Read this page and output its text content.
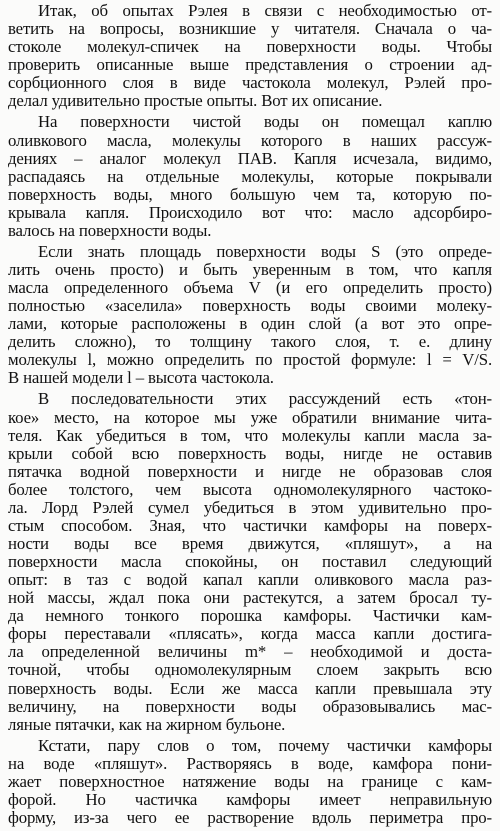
Итак, об опытах Рэлея в связи с необходимостью от-
ветить на вопросы, возникшие у читателя. Сначала о ча-
стоколе молекул-спичек на поверхности воды. Чтобы
проверить описанные выше представления о строении ад-
сорбционного слоя в виде частокола молекул, Рэлей про-
делал удивительно простые опыты. Вот их описание.
На поверхности чистой воды он помещал каплю
оливкового масла, молекулы которого в наших рассуж-
дениях – аналог молекул ПАВ. Капля исчезала, видимо,
распадаясь на отдельные молекулы, которые покрывали
поверхность воды, много большую чем та, которую по-
крывала капля. Происходило вот что: масло адсорбиро-
валось на поверхности воды.
Если знать площадь поверхности воды S (это опреде-
лить очень просто) и быть уверенным в том, что капля
масла определенного объема V (и его определить просто)
полностью «заселила» поверхность воды своими молеку-
лами, которые расположены в один слой (а вот это опре-
делить сложно), то толщину такого слоя, т. е. длину
молекулы l, можно определить по простой формуле: l = V/S.
В нашей модели l – высота частокола.
В последовательности этих рассуждений есть «тон-
кое» место, на которое мы уже обратили внимание чита-
теля. Как убедиться в том, что молекулы капли масла за-
крыли собой всю поверхность воды, нигде не оставив
пятачка водной поверхности и нигде не образовав слоя
более толстого, чем высота одномолекулярного частоко-
ла. Лорд Рэлей сумел убедиться в этом удивительно про-
стым способом. Зная, что частички камфоры на поверх-
ности воды все время движутся, «пляшут», а на
поверхности масла спокойны, он поставил следующий
опыт: в таз с водой капал капли оливкового масла раз-
ной массы, ждал пока они растекутся, а затем бросал ту-
да немного тонкого порошка камфоры. Частички кам-
форы переставали «плясать», когда масса капли достига-
ла определенной величины m* – необходимой и доста-
точной, чтобы одномолекулярным слоем закрыть всю
поверхность воды. Если же масса капли превышала эту
величину, на поверхности воды образовывались мас-
ляные пятачки, как на жирном бульоне.
Кстати, пару слов о том, почему частички камфоры
на воде «пляшут». Растворяясь в воде, камфора пони-
жает поверхностное натяжение воды на границе с кам-
форой. Но частичка камфоры имеет неправильную
форму, из-за чего ее растворение вдоль периметра про-
